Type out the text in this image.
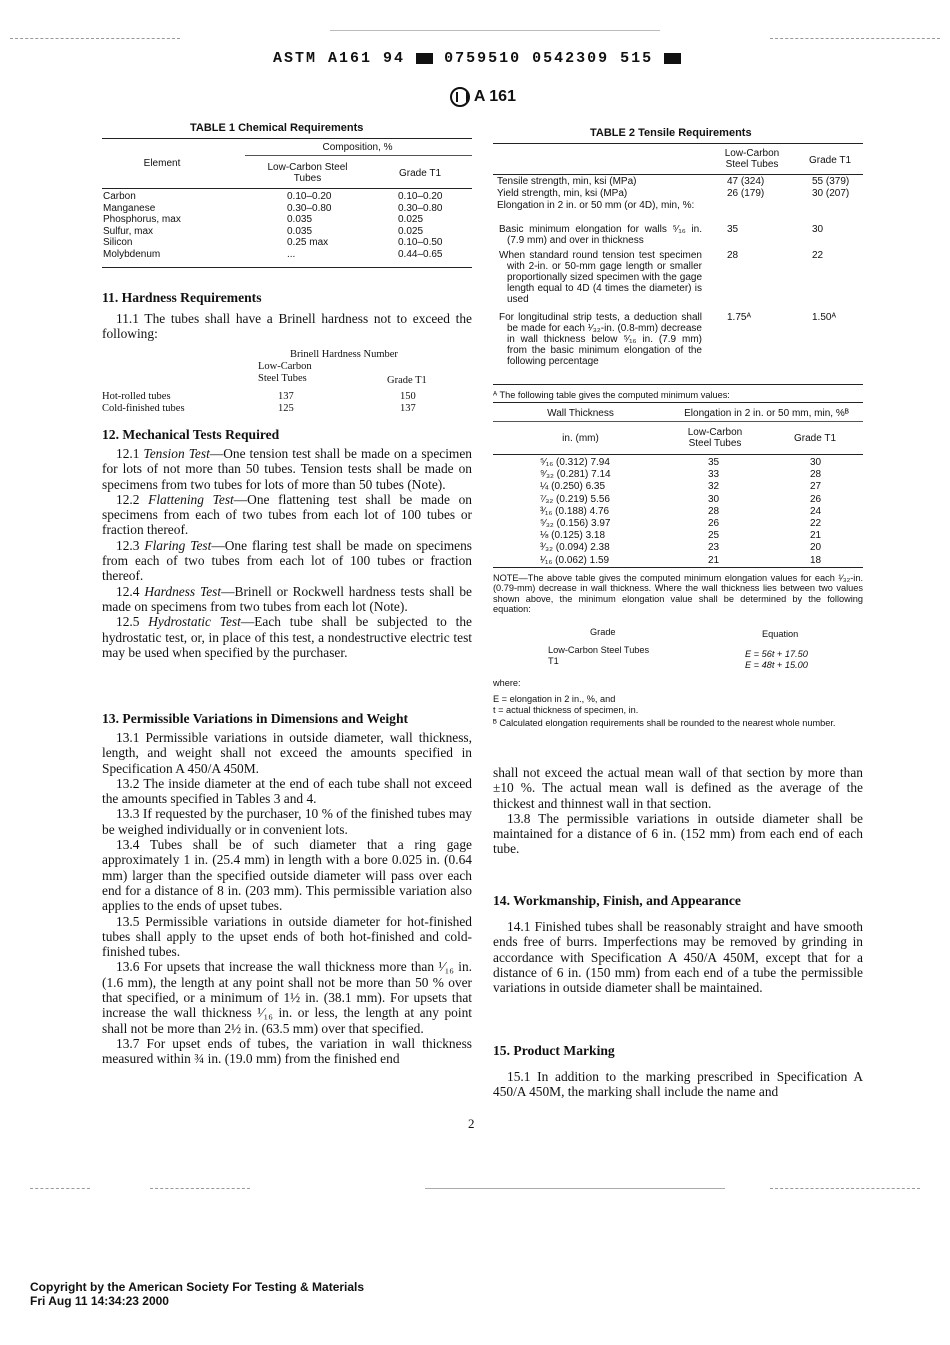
ASTM A161 94	0759510 0542309 515
A 161
TABLE 1 Chemical Requirements
Composition, %
Element	Low-Carbon Steel Tubes	Grade T1
Carbon	0.10–0.20	0.10–0.20
Manganese	0.30–0.80	0.30–0.80
Phosphorus, max	0.035	0.025
Sulfur, max	0.035	0.025
Silicon	0.25 max	0.10–0.50
Molybdenum	...	0.44–0.65
11. Hardness Requirements

11.1 The tubes shall have a Brinell hardness not to exceed the following:

Brinell Hardness Number
Low-Carbon Steel Tubes	Grade T1
Hot-rolled tubes	137	150
Cold-finished tubes	125	137
12. Mechanical Tests Required

12.1 Tension Test—One tension test shall be made on a specimen for lots of not more than 50 tubes. Tension tests shall be made on specimens from two tubes for lots of more than 50 tubes (Note).

12.2 Flattening Test—One flattening test shall be made on specimens from each of two tubes from each lot of 100 tubes or fraction thereof.

12.3 Flaring Test—One flaring test shall be made on specimens from each of two tubes from each lot of 100 tubes or fraction thereof.

12.4 Hardness Test—Brinell or Rockwell hardness tests shall be made on specimens from two tubes from each lot (Note).

12.5 Hydrostatic Test—Each tube shall be subjected to the hydrostatic test, or, in place of this test, a nondestructive electric test may be used when specified by the purchaser.

13. Permissible Variations in Dimensions and Weight

13.1 Permissible variations in outside diameter, wall thickness, length, and weight shall not exceed the amounts specified in Specification A 450/A 450M.

13.2 The inside diameter at the end of each tube shall not exceed the amounts specified in Tables 3 and 4.

13.3 If requested by the purchaser, 10 % of the finished tubes may be weighed individually or in convenient lots.

13.4 Tubes shall be of such diameter that a ring gage approximately 1 in. (25.4 mm) in length with a bore 0.025 in. (0.64 mm) larger than the specified outside diameter will pass over each end for a distance of 8 in. (203 mm). This permissible variation also applies to the ends of upset tubes.

13.5 Permissible variations in outside diameter for hot-finished tubes shall apply to the upset ends of both hot-finished and cold-finished tubes.

13.6 For upsets that increase the wall thickness more than ¹⁄₁₆ in. (1.6 mm), the length at any point shall not be more than 50 % over that specified, or a minimum of 1½ in. (38.1 mm). For upsets that increase the wall thickness ¹⁄₁₆ in. or less, the length at any point shall not be more than 2½ in. (63.5 mm) over that specified.

13.7 For upset ends of tubes, the variation in wall thickness measured within ¾ in. (19.0 mm) from the finished end

TABLE 2 Tensile Requirements
Low-Carbon Steel Tubes	Grade T1
Tensile strength, min, ksi (MPa)	47 (324)	55 (379)
Yield strength, min, ksi (MPa)	26 (179)	30 (207)
Elongation in 2 in. or 50 mm (or 4D), min, %:
Basic minimum elongation for walls ⁵⁄₁₆ in. (7.9 mm) and over in thickness
35	30
When standard round tension test specimen with 2-in. or 50-mm gage length or smaller proportionally sized specimen with the gage length equal to 4D (4 times the diameter) is used
28	22
For longitudinal strip tests, a deduction shall be made for each ¹⁄₃₂-in. (0.8-mm) decrease in wall thickness below ⁵⁄₁₆ in. (7.9 mm) from the basic minimum elongation of the following percentage
1.75ᴬ	1.50ᴬ
ᴬ The following table gives the computed minimum values:
Wall Thickness	Elongation in 2 in. or 50 mm, min, %ᴮ
in. (mm)
Low-Carbon Steel Tubes	Grade T1
⁵⁄₁₆ (0.312) 7.94	35	30
⁹⁄₃₂ (0.281) 7.14	33	28
¼ (0.250) 6.35	32	27
⁷⁄₃₂ (0.219) 5.56	30	26
³⁄₁₆ (0.188) 4.76	28	24
⁵⁄₃₂ (0.156) 3.97	26	22
⅛ (0.125) 3.18	25	21
³⁄₃₂ (0.094) 2.38	23	20
¹⁄₁₆ (0.062) 1.59	21	18
NOTE—The above table gives the computed minimum elongation values for each ¹⁄₃₂-in. (0.79-mm) decrease in wall thickness. Where the wall thickness lies between two values shown above, the minimum elongation value shall be determined by the following equation:
Grade	Equation
Low-Carbon Steel Tubes	E = 56t + 17.50
T1	E = 48t + 15.00
where:
E = elongation in 2 in., %, and
t = actual thickness of specimen, in.
ᴮ Calculated elongation requirements shall be rounded to the nearest whole number.

shall not exceed the actual mean wall of that section by more than ±10 %. The actual mean wall is defined as the average of the thickest and thinnest wall in that section.

13.8 The permissible variations in outside diameter shall be maintained for a distance of 6 in. (152 mm) from each end of each tube.

14. Workmanship, Finish, and Appearance

14.1 Finished tubes shall be reasonably straight and have smooth ends free of burrs. Imperfections may be removed by grinding in accordance with Specification A 450/A 450M, except that for a distance of 6 in. (150 mm) from each end of a tube the permissible variations in outside diameter shall be maintained.

15. Product Marking

15.1 In addition to the marking prescribed in Specification A 450/A 450M, the marking shall include the name and

2
Copyright by the American Society For Testing & Materials
Fri Aug 11 14:34:23 2000
